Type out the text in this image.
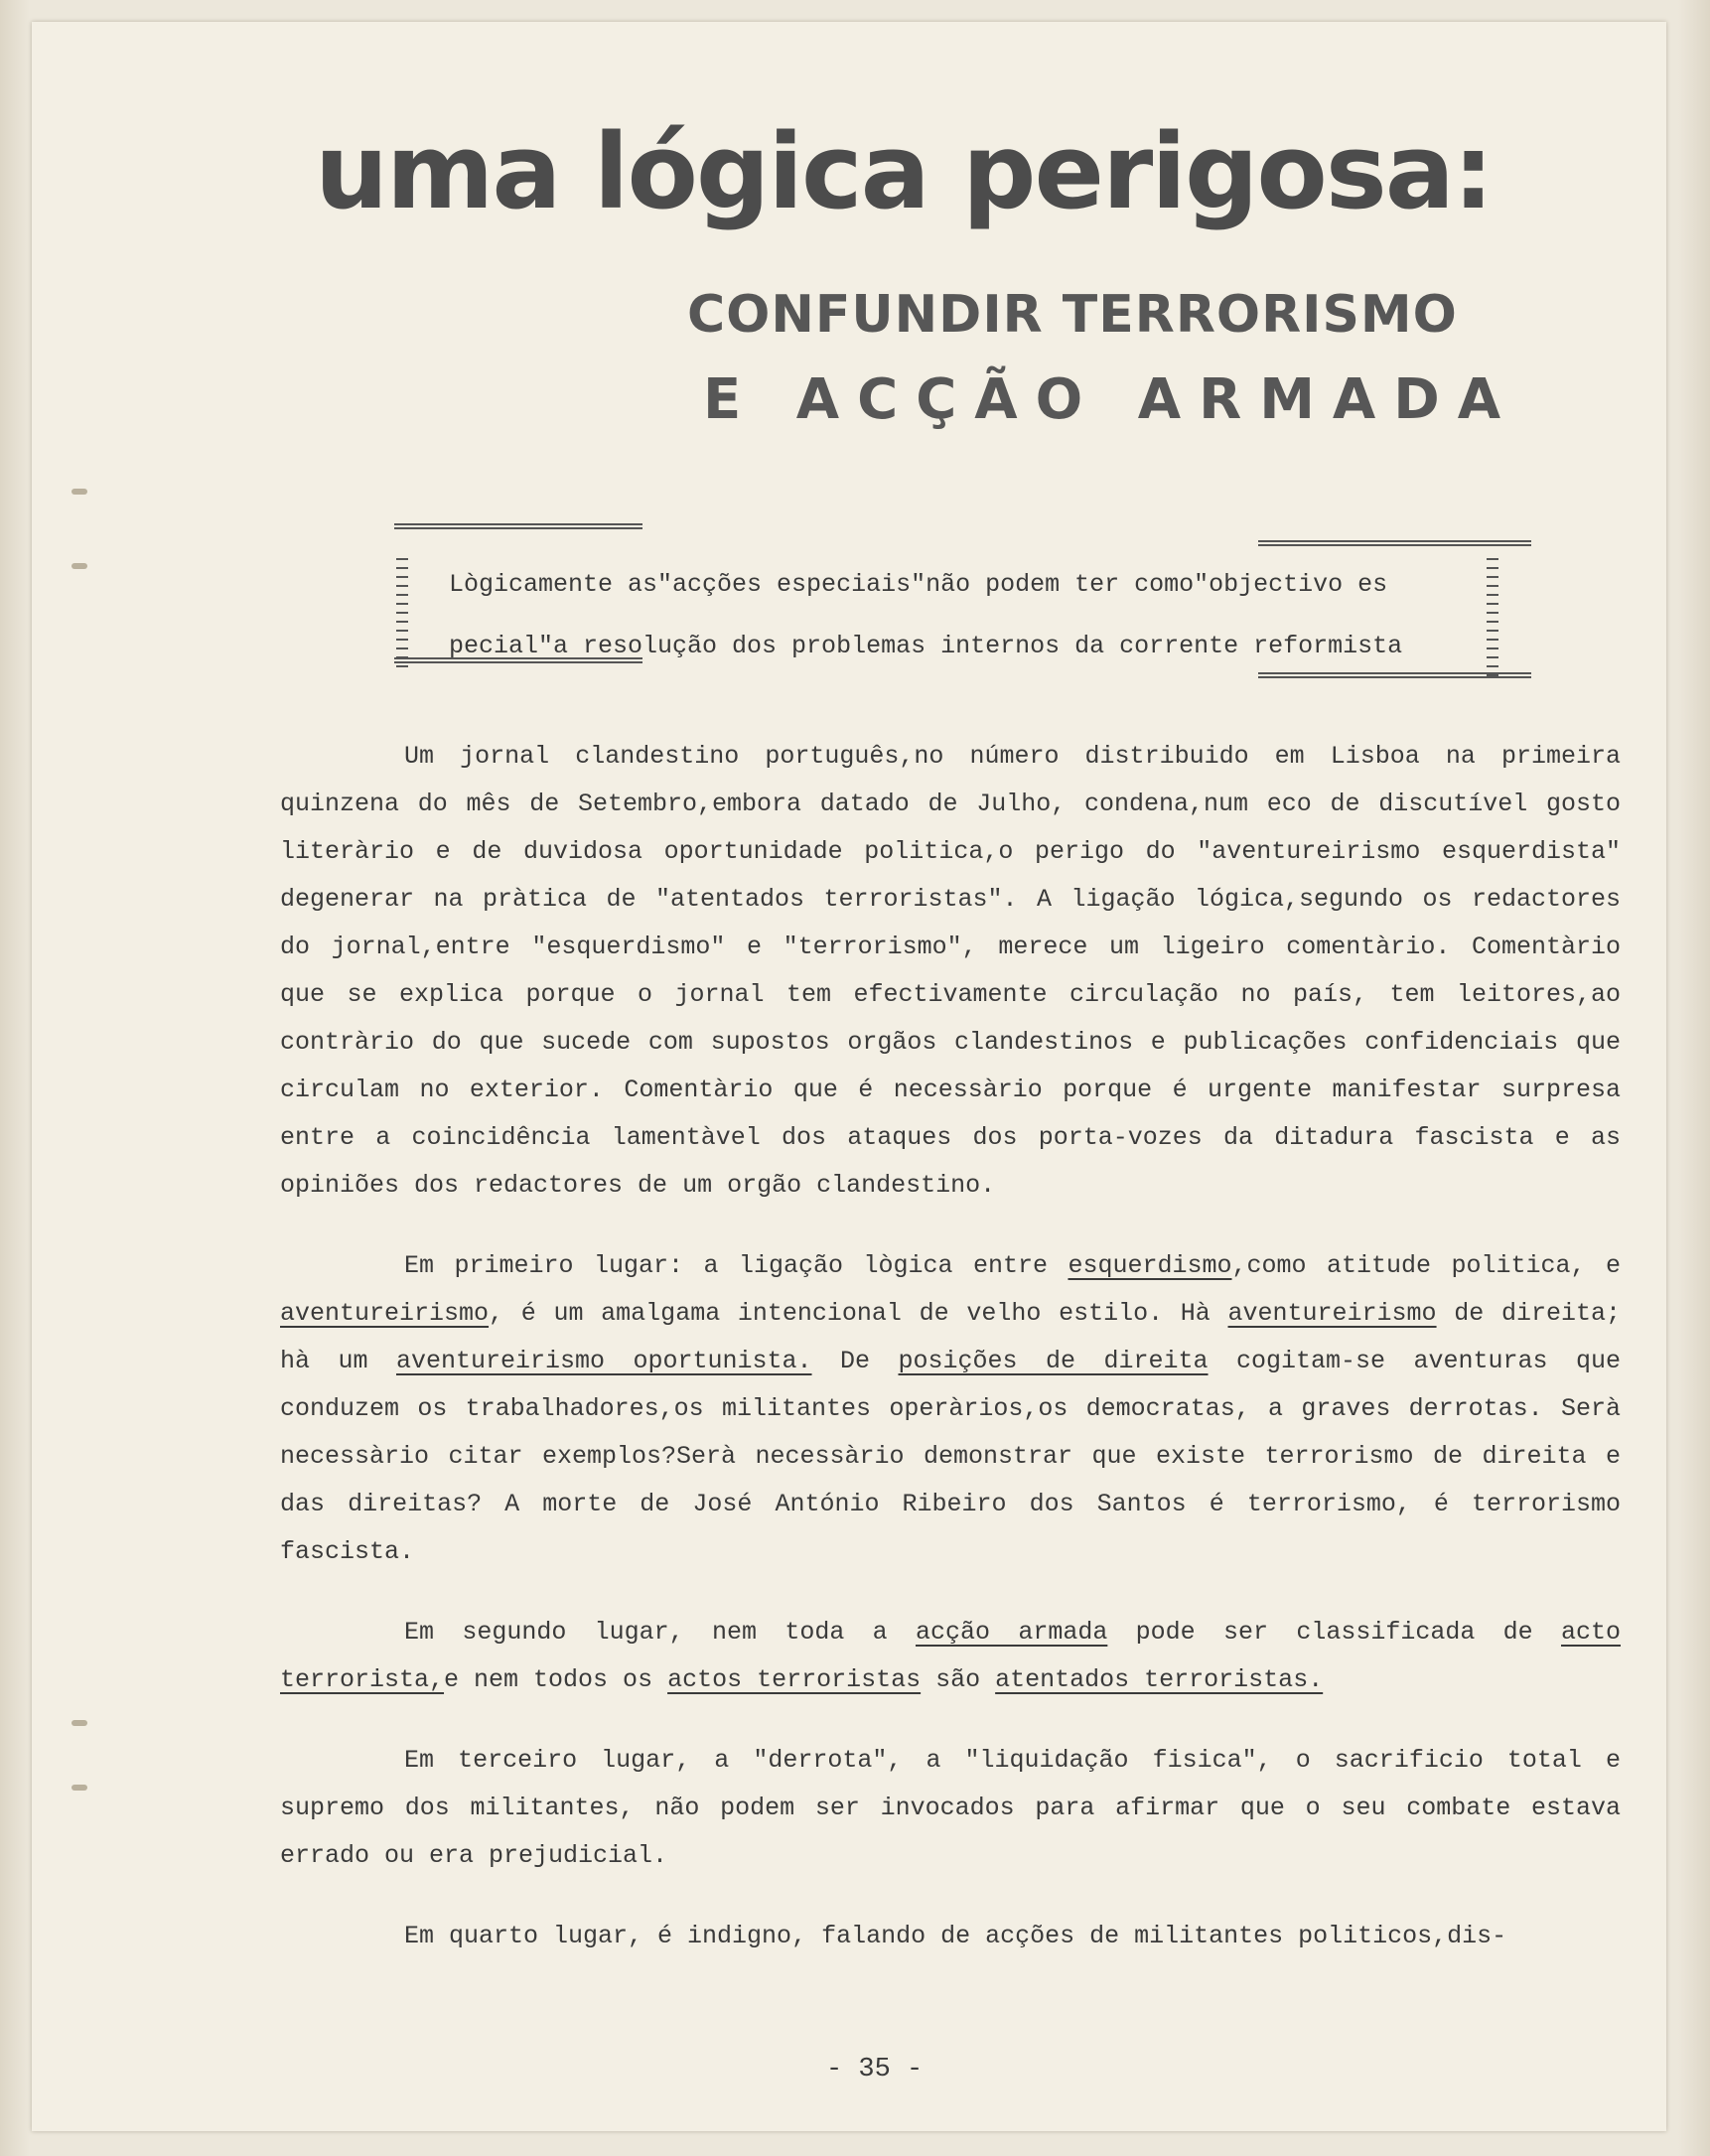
uma lógica perigosa:
CONFUNDIR TERRORISMO
E ACÇÃO ARMADA

Lògicamente as"acções especiais"não podem ter como"objectivo es

pecial"a resolução dos problemas internos da corrente reformista

Um jornal clandestino português,no número distribuido em Lisboa na primeira quinzena do mês de Setembro,embora datado de Julho, condena,num eco de discutível gosto literàrio e de duvidosa oportunidade politica,o perigo do "aventureirismo esquerdista" degenerar na pràtica de "atentados terroristas". A ligação lógica,segundo os redactores do jornal,entre "esquerdismo" e "terrorismo", merece um ligeiro comentàrio. Comentàrio que se explica porque o jornal tem efectivamente circulação no país, tem leitores,ao contràrio do que sucede com supostos orgãos clandestinos e publicações confidenciais que circulam no exterior. Comentàrio que é necessàrio porque é urgente manifestar surpresa entre a coincidência lamentàvel dos ataques dos porta-vozes da ditadura fascista e as opiniões dos redactores de um orgão clandestino.

Em primeiro lugar: a ligação lògica entre esquerdismo,como atitude politica, e aventureirismo, é um amalgama intencional de velho estilo. Hà aventureirismo de direita; hà um aventureirismo oportunista. De posições de direita cogitam-se aventuras que conduzem os trabalhadores,os militantes operàrios,os democratas, a graves derrotas. Serà necessàrio citar exemplos?Serà necessàrio demonstrar que existe terrorismo de direita e das direitas? A morte de José António Ribeiro dos Santos é terrorismo, é terrorismo fascista.

Em segundo lugar, nem toda a acção armada pode ser classificada de acto terrorista,e nem todos os actos terroristas são atentados terroristas.

Em terceiro lugar, a "derrota", a "liquidação fisica", o sacrificio total e supremo dos militantes, não podem ser invocados para afirmar que o seu combate estava errado ou era prejudicial.

Em quarto lugar, é indigno, falando de acções de militantes politicos,dis-

- 35 -
